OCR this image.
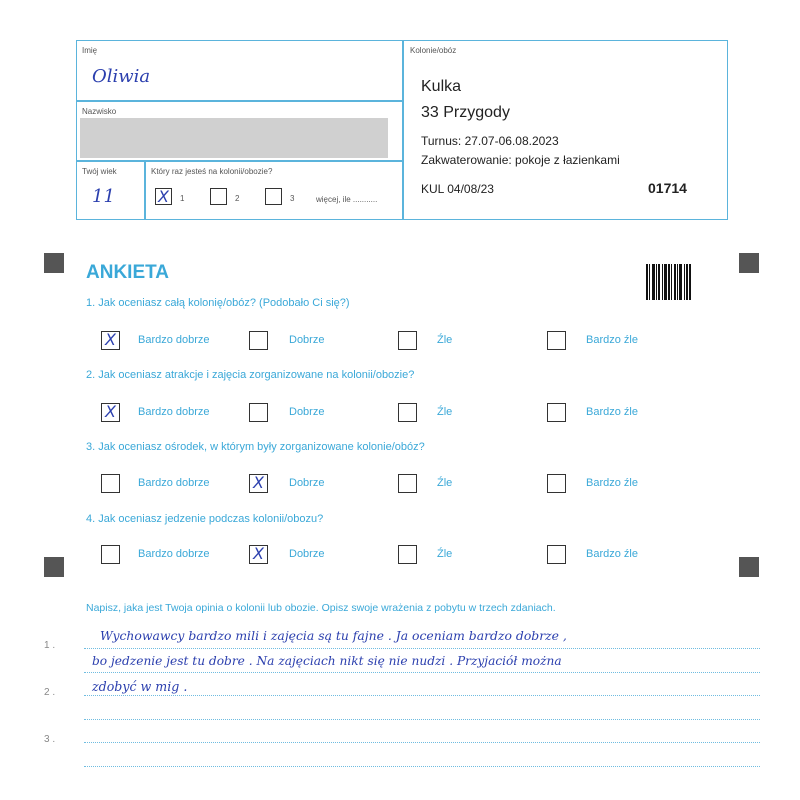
Imię
Oliwia
Nazwisko
Twój wiek
11
Który raz jesteś na kolonii/obozie?
X 1	2	3	więcej, ile ...........
Kolonie/obóz
Kulka
33 Przygody
Turnus: 27.07-06.08.2023
Zakwaterowanie: pokoje z łazienkami
KUL 04/08/23	01714
ANKIETA
1. Jak oceniasz całą kolonię/obóz? (Podobało Ci się?)
X Bardzo dobrze	Dobrze	Źle	Bardzo źle
2. Jak oceniasz atrakcje i zajęcia zorganizowane na kolonii/obozie?
X Bardzo dobrze	Dobrze	Źle	Bardzo źle
3. Jak oceniasz ośrodek, w którym były zorganizowane kolonie/obóz?
Bardzo dobrze	X Dobrze	Źle	Bardzo źle
4. Jak oceniasz jedzenie podczas kolonii/obozu?
Bardzo dobrze	X Dobrze	Źle	Bardzo źle
Napisz, jaka jest Twoja opinia o kolonii lub obozie. Opisz swoje wrażenia z pobytu w trzech zdaniach.
1 .
2 .
3 .
Wychowawcy bardzo mili i zajęcia są tu fajne . Ja oceniam bardzo dobrze ,
bo jedzenie jest tu dobre . Na zajęciach nikt się nie nudzi . Przyjaciół można
zdobyć w mig .
